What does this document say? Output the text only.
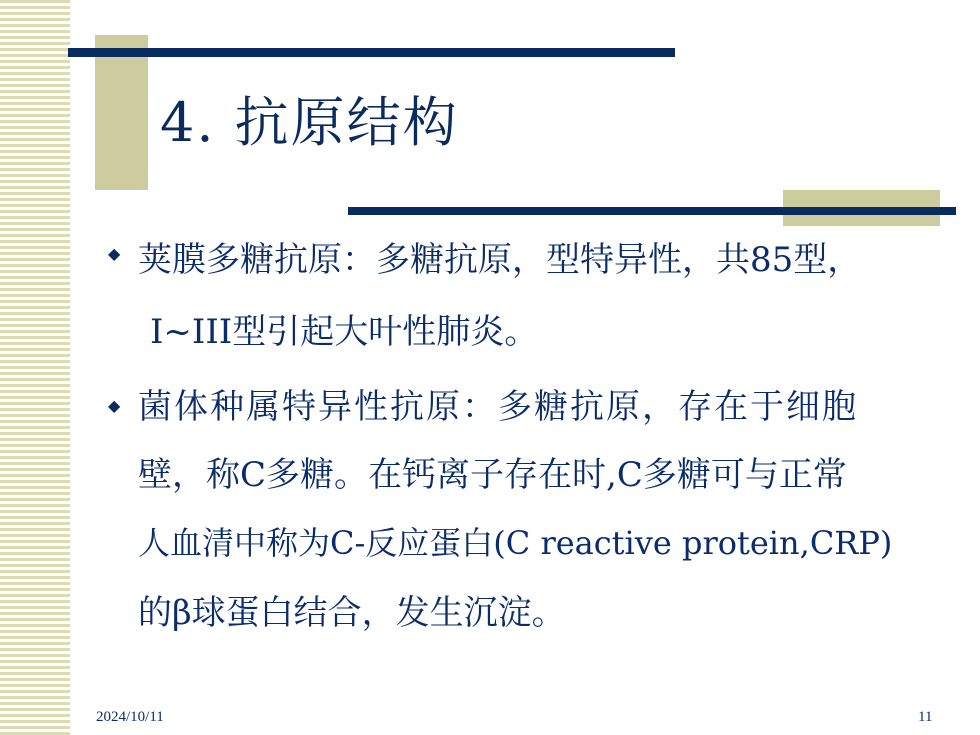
4. 抗原结构
◆ 荚膜多糖抗原：多糖抗原，型特异性，共85型，
Ⅰ~III型引起大叶性肺炎。
◆ 菌体种属特异性抗原：多糖抗原，存在于细胞
壁，称C多糖。在钙离子存在时,C多糖可与正常
人血清中称为C-反应蛋白(C reactive protein,CRP)
的β球蛋白结合，发生沉淀。
2024/10/11	11
